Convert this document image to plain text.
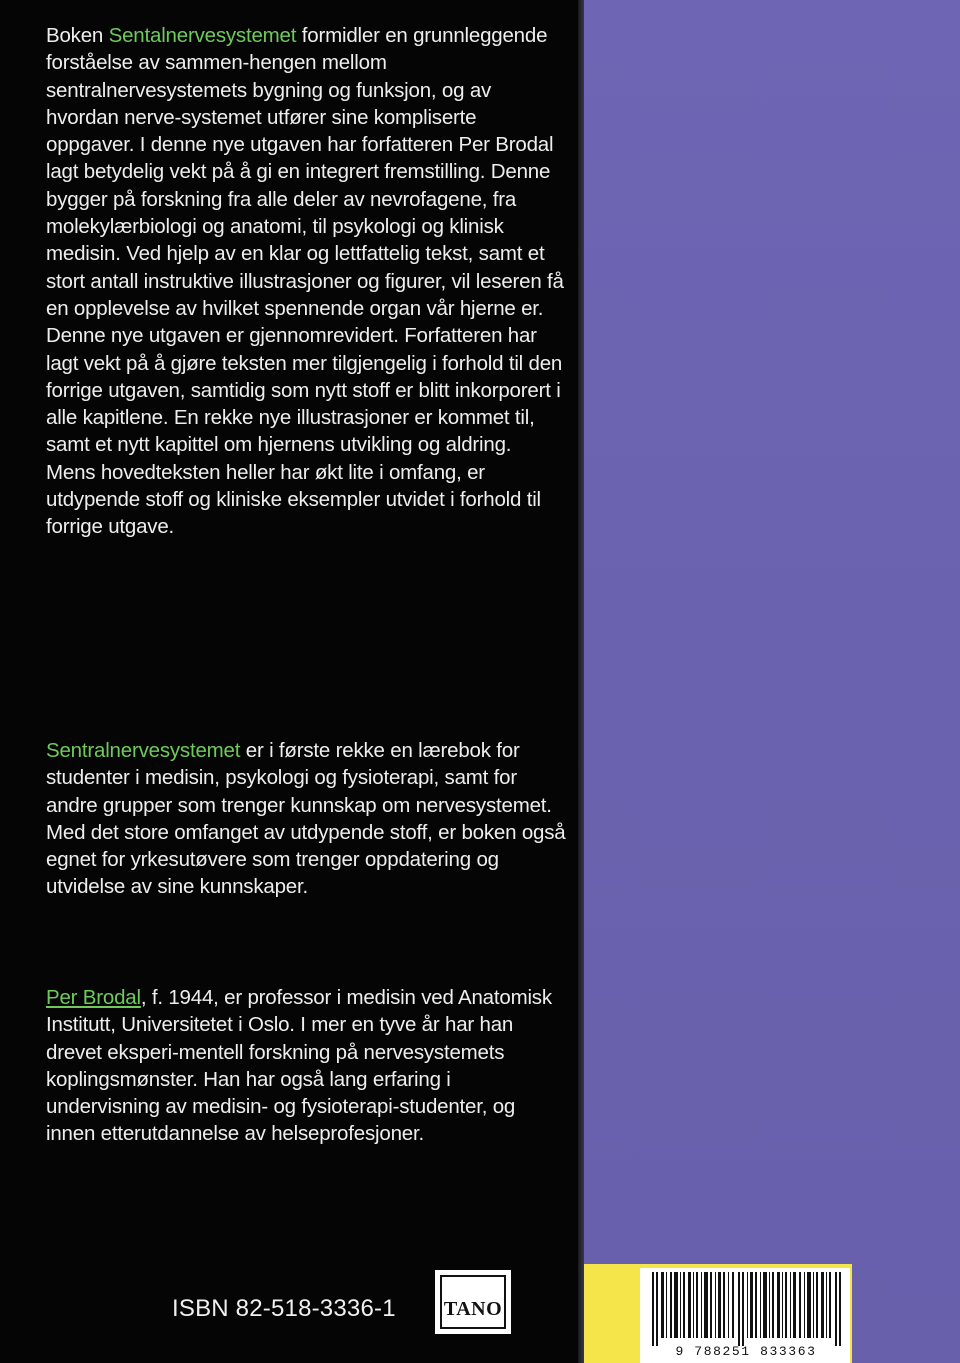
Boken Sentalnervesystemet formidler en grunnleggende forståelse av sammen-hengen mellom sentralnervesystemets bygning og funksjon, og av hvordan nerve-systemet utfører sine kompliserte oppgaver. I denne nye utgaven har forfatteren Per Brodal lagt betydelig vekt på å gi en integrert fremstilling. Denne bygger på forskning fra alle deler av nevrofagene, fra molekylærbiologi og anatomi, til psykologi og klinisk medisin. Ved hjelp av en klar og lettfattelig tekst, samt et stort antall instruktive illustrasjoner og figurer, vil leseren få en opplevelse av hvilket spennende organ vår hjerne er.

Denne nye utgaven er gjennomrevidert. Forfatteren har lagt vekt på å gjøre teksten mer tilgjengelig i forhold til den forrige utgaven, samtidig som nytt stoff er blitt inkorporert i alle kapitlene. En rekke nye illustrasjoner er kommet til, samt et nytt kapittel om hjernens utvikling og aldring. Mens hovedteksten heller har økt lite i omfang, er utdypende stoff og kliniske eksempler utvidet i forhold til forrige utgave.

Sentralnervesystemet er i første rekke en lærebok for studenter i medisin, psykologi og fysioterapi, samt for andre grupper som trenger kunnskap om nervesystemet. Med det store omfanget av utdypende stoff, er boken også egnet for yrkesutøvere som trenger oppdatering og utvidelse av sine kunnskaper.

Per Brodal, f. 1944, er professor i medisin ved Anatomisk Institutt, Universitetet i Oslo. I mer en tyve år har han drevet eksperi-mentell forskning på nervesystemets koplingsmønster. Han har også lang erfaring i undervisning av medisin- og fysioterapi-studenter, og innen etterutdannelse av helseprofesjoner.

ISBN 82-518-3336-1 TANO
9 788251 833363
